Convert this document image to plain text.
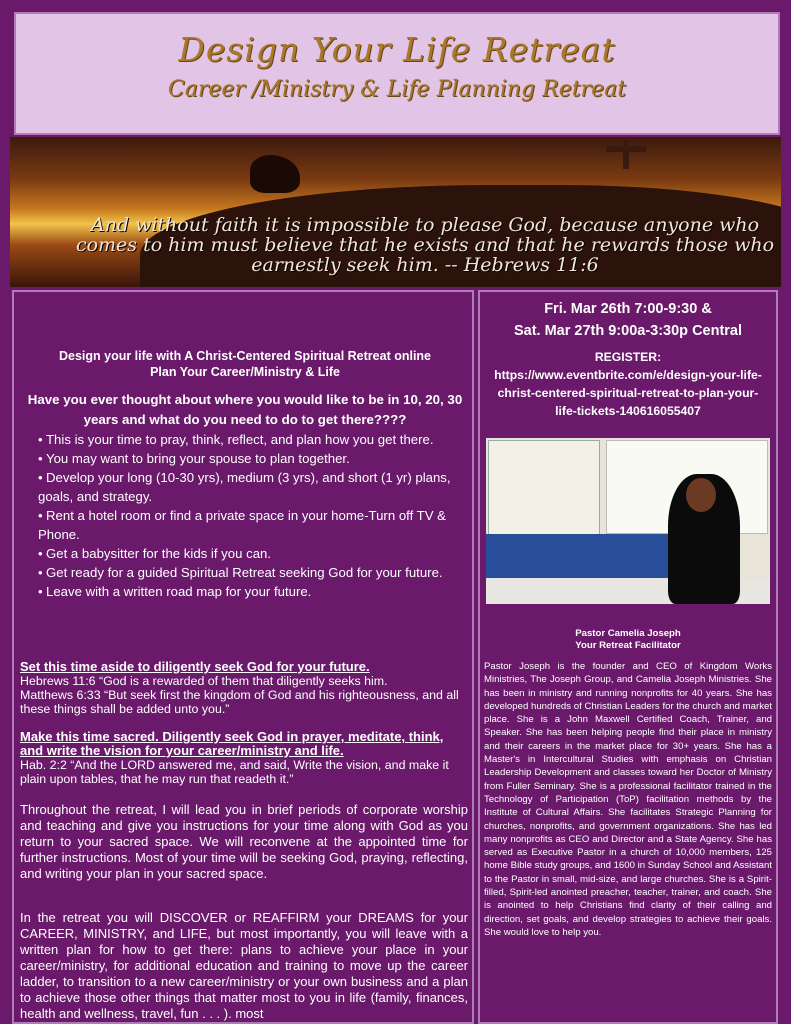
Design Your Life Retreat
Career /Ministry & Life Planning Retreat
And without faith it is impossible to please God, because anyone who comes to him must believe that he exists and that he rewards those who earnestly seek him. -- Hebrews 11:6
Design your life with A Christ-Centered Spiritual Retreat online
Plan Your Career/Ministry & Life
Have you ever thought about where you would like to be in 10, 20, 30 years and what do you need to do to get there????
• This is your time to pray, think, reflect, and plan how you get there.
• You may want to bring your spouse to plan together.
• Develop your long (10-30 yrs), medium (3 yrs), and short (1 yr) plans, goals, and strategy.
• Rent a hotel room or find a private space in your home-Turn off TV & Phone.
• Get a babysitter for the kids if you can.
• Get ready for a guided Spiritual Retreat seeking God for your future.
• Leave with a written road map for your future.
Set this time aside to diligently seek God for your future.
Hebrews 11:6 “God is a rewarded of them that diligently seeks him.
Matthews 6:33 “But seek first the kingdom of God and his righteousness, and all these things shall be added unto you.”
Make this time sacred. Diligently seek God in prayer, meditate, think, and write the vision for your career/ministry and life.
Hab. 2:2 “And the LORD answered me, and said, Write the vision, and make it plain upon tables, that he may run that readeth it.”
Throughout the retreat, I will lead you in brief periods of corporate worship and teaching and give you instructions for your time along with God as you return to your sacred space. We will reconvene at the appointed time for further instructions. Most of your time will be seeking God, praying, reflecting, and writing your plan in your sacred space.
In the retreat you will DISCOVER or REAFFIRM your DREAMS for your CAREER, MINISTRY, and LIFE, but most importantly, you will leave with a written plan for how to get there: plans to achieve your place in your career/ministry, for additional education and training to move up the career ladder, to transition to a new career/ministry or your own business and a plan to achieve those other things that matter most to you in life (family, finances, health and wellness, travel, fun . . . ). most
Fri. Mar 26th 7:00-9:30 &
Sat. Mar 27th 9:00a-3:30p Central
REGISTER: https://www.eventbrite.com/e/design-your-life-christ-centered-spiritual-retreat-to-plan-your-life-tickets-140616055407
Pastor Camelia Joseph
Your Retreat Facilitator
Pastor Joseph is the founder and CEO of Kingdom Works Ministries, The Joseph Group, and Camelia Joseph Ministries. She has been in ministry and running nonprofits for 40 years. She has developed hundreds of Christian Leaders for the church and market place. She is a John Maxwell Certified Coach, Trainer, and Speaker. She has been helping people find their place in ministry and their careers in the market place for 30+ years. She has a Master's in Intercultural Studies with emphasis on Christian Leadership Development and classes toward her Doctor of Ministry from Fuller Seminary. She is a professional facilitator trained in the Technology of Participation (ToP) facilitation methods by the Institute of Cultural Affairs. She facilitates Strategic Planning for churches, nonprofits, and government organizations. She has led many nonprofits as CEO and Director and a State Agency. She has served as Executive Pastor in a church of 10,000 members, 125 home Bible study groups, and 1600 in Sunday School and Assistant to the Pastor in small, mid-size, and large churches. She is a Spirit-filled, Spirit-led anointed preacher, teacher, trainer, and coach. She is anointed to help Christians find clarity of their calling and direction, set goals, and develop strategies to achieve their goals. She would love to help you.
